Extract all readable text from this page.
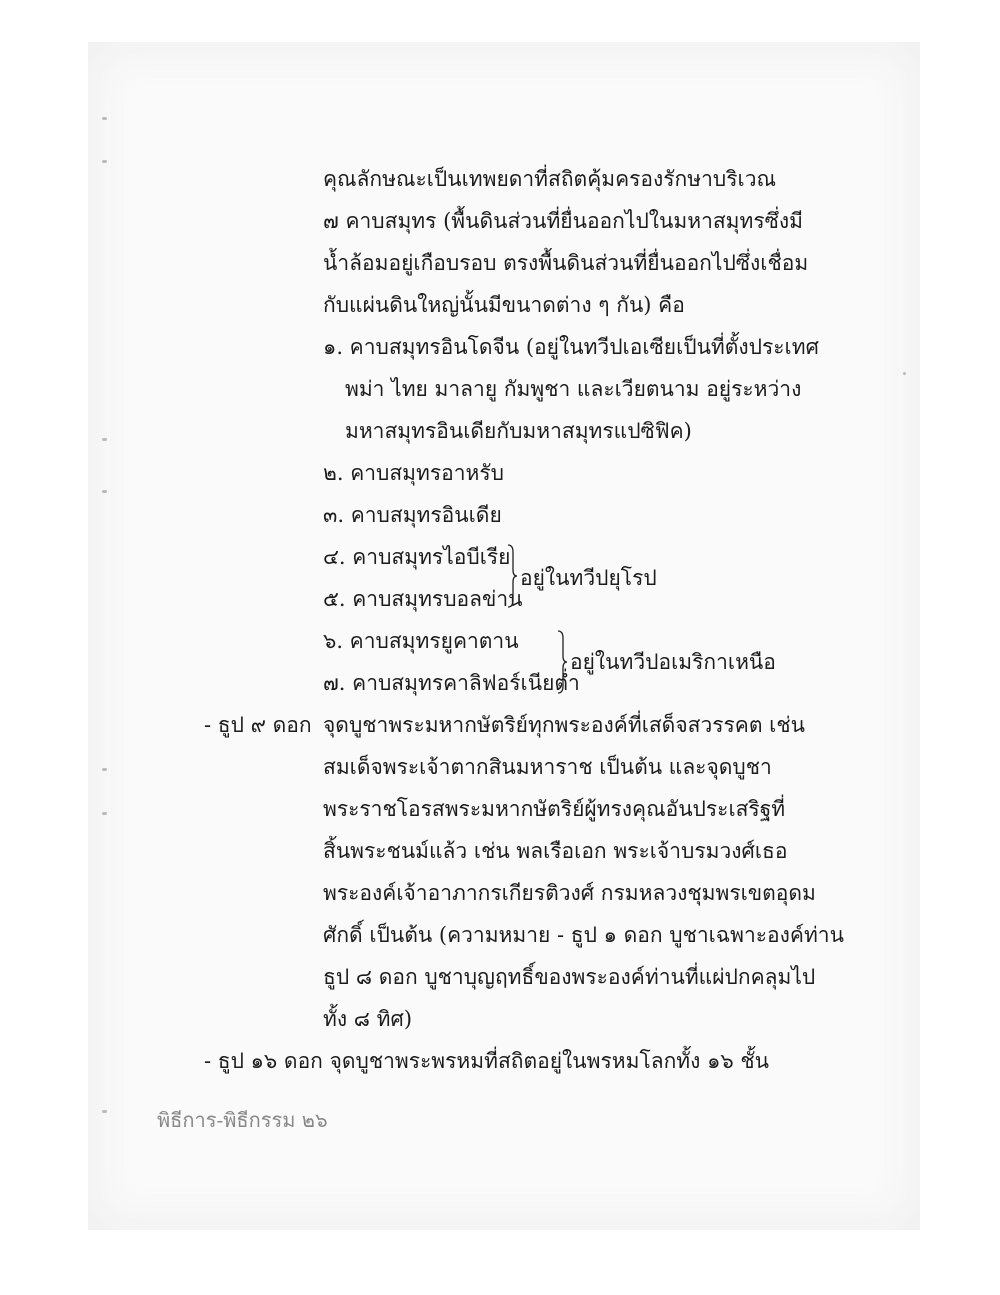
คุณลักษณะเป็นเทพยดาที่สถิตคุ้มครองรักษาบริเวณ
๗ คาบสมุทร (พื้นดินส่วนที่ยื่นออกไปในมหาสมุทรซึ่งมี
น้ำล้อมอยู่เกือบรอบ ตรงพื้นดินส่วนที่ยื่นออกไปซึ่งเชื่อม
กับแผ่นดินใหญ่นั้นมีขนาดต่าง ๆ กัน) คือ
๑. คาบสมุทรอินโดจีน (อยู่ในทวีปเอเซียเป็นที่ตั้งประเทศ
พม่า ไทย มาลายู กัมพูชา และเวียตนาม อยู่ระหว่าง
มหาสมุทรอินเดียกับมหาสมุทรแปซิฟิค)
๒. คาบสมุทรอาหรับ
๓. คาบสมุทรอินเดีย
๔. คาบสมุทรไอบีเรีย
๕. คาบสมุทรบอลข่าน
๖. คาบสมุทรยูคาตาน
๗. คาบสมุทรคาลิฟอร์เนียต่ำ
อยู่ในทวีปยุโรป
อยู่ในทวีปอเมริกาเหนือ
- ธูป ๙ ดอก จุดบูชาพระมหากษัตริย์ทุกพระองค์ที่เสด็จสวรรคต เช่น
สมเด็จพระเจ้าตากสินมหาราช เป็นต้น และจุดบูชา
พระราชโอรสพระมหากษัตริย์ผู้ทรงคุณอันประเสริฐที่
สิ้นพระชนม์แล้ว เช่น พลเรือเอก พระเจ้าบรมวงศ์เธอ
พระองค์เจ้าอาภากรเกียรติวงศ์ กรมหลวงชุมพรเขตอุดม
ศักดิ์ เป็นต้น (ความหมาย - ธูป ๑ ดอก บูชาเฉพาะองค์ท่าน
ธูป ๘ ดอก บูชาบุญฤทธิ์ของพระองค์ท่านที่แผ่ปกคลุมไป
ทั้ง ๘ ทิศ)
- ธูป ๑๖ ดอก จุดบูชาพระพรหมที่สถิตอยู่ในพรหมโลกทั้ง ๑๖ ชั้น
พิธีการ-พิธีกรรม ๒๖
